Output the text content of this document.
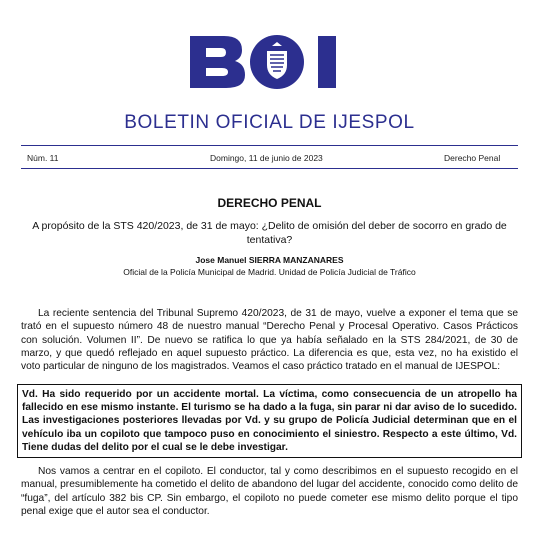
BOLETIN OFICIAL DE IJESPOL
Núm. 11	Domingo, 11 de junio de 2023	Derecho Penal
DERECHO PENAL
A propósito de la STS 420/2023, de 31 de mayo: ¿Delito de omisión del deber de socorro en grado de tentativa?
Jose Manuel SIERRA MANZANARES
Oficial de la Policía Municipal de Madrid. Unidad de Policía Judicial de Tráfico

La reciente sentencia del Tribunal Supremo 420/2023, de 31 de mayo, vuelve a exponer el tema que se trató en el supuesto número 48 de nuestro manual “Derecho Penal y Procesal Operativo. Casos Prácticos con solución. Volumen II”. De nuevo se ratifica lo que ya había señalado en la STS 284/2021, de 30 de marzo, y que quedó reflejado en aquel supuesto práctico. La diferencia es que, esta vez, no ha existido el voto particular de ninguno de los magistrados. Veamos el caso práctico tratado en el manual de IJESPOL:

Vd. Ha sido requerido por un accidente mortal. La víctima, como consecuencia de un atropello ha fallecido en ese mismo instante. El turismo se ha dado a la fuga, sin parar ni dar aviso de lo sucedido. Las investigaciones posteriores llevadas por Vd. y su grupo de Policía Judicial determinan que en el vehículo iba un copiloto que tampoco puso en conocimiento el siniestro. Respecto a este último, Vd. Tiene dudas del delito por el cual se le debe investigar.

Nos vamos a centrar en el copiloto. El conductor, tal y como describimos en el supuesto recogido en el manual, presumiblemente ha cometido el delito de abandono del lugar del accidente, conocido como delito de “fuga”, del artículo 382 bis CP. Sin embargo, el copiloto no puede cometer ese mismo delito porque el tipo penal exige que el autor sea el conductor.
